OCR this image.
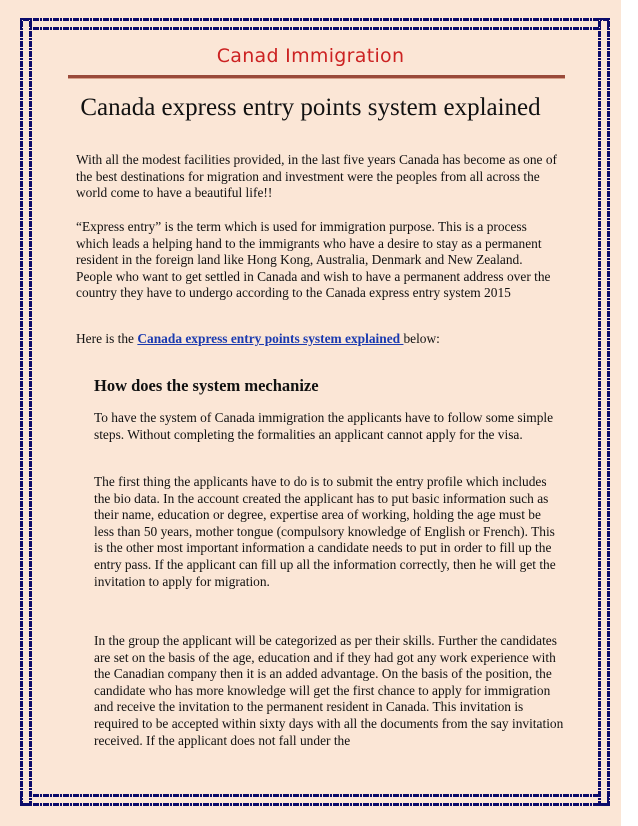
Canad Immigration
Canada express entry points system explained

With all the modest facilities provided, in the last five years Canada has become as one of the best destinations for migration and investment were the peoples from all across the world come to have a beautiful life!!

“Express entry” is the term which is used for immigration purpose. This is a process which leads a helping hand to the immigrants who have a desire to stay as a permanent resident in the foreign land like Hong Kong, Australia, Denmark and New Zealand. People who want to get settled in Canada and wish to have a permanent address over the country they have to undergo according to the Canada express entry system 2015

Here is the Canada express entry points system explained below:

How does the system mechanize

To have the system of Canada immigration the applicants have to follow some simple steps. Without completing the formalities an applicant cannot apply for the visa.

The first thing the applicants have to do is to submit the entry profile which includes the bio data. In the account created the applicant has to put basic information such as their name, education or degree, expertise area of working, holding the age must be less than 50 years, mother tongue (compulsory knowledge of English or French). This is the other most important information a candidate needs to put in order to fill up the entry pass. If the applicant can fill up all the information correctly, then he will get the invitation to apply for migration.

In the group the applicant will be categorized as per their skills. Further the candidates are set on the basis of the age, education and if they had got any work experience with the Canadian company then it is an added advantage. On the basis of the position, the candidate who has more knowledge will get the first chance to apply for immigration and receive the invitation to the permanent resident in Canada. This invitation is required to be accepted within sixty days with all the documents from the say invitation received. If the applicant does not fall under the
